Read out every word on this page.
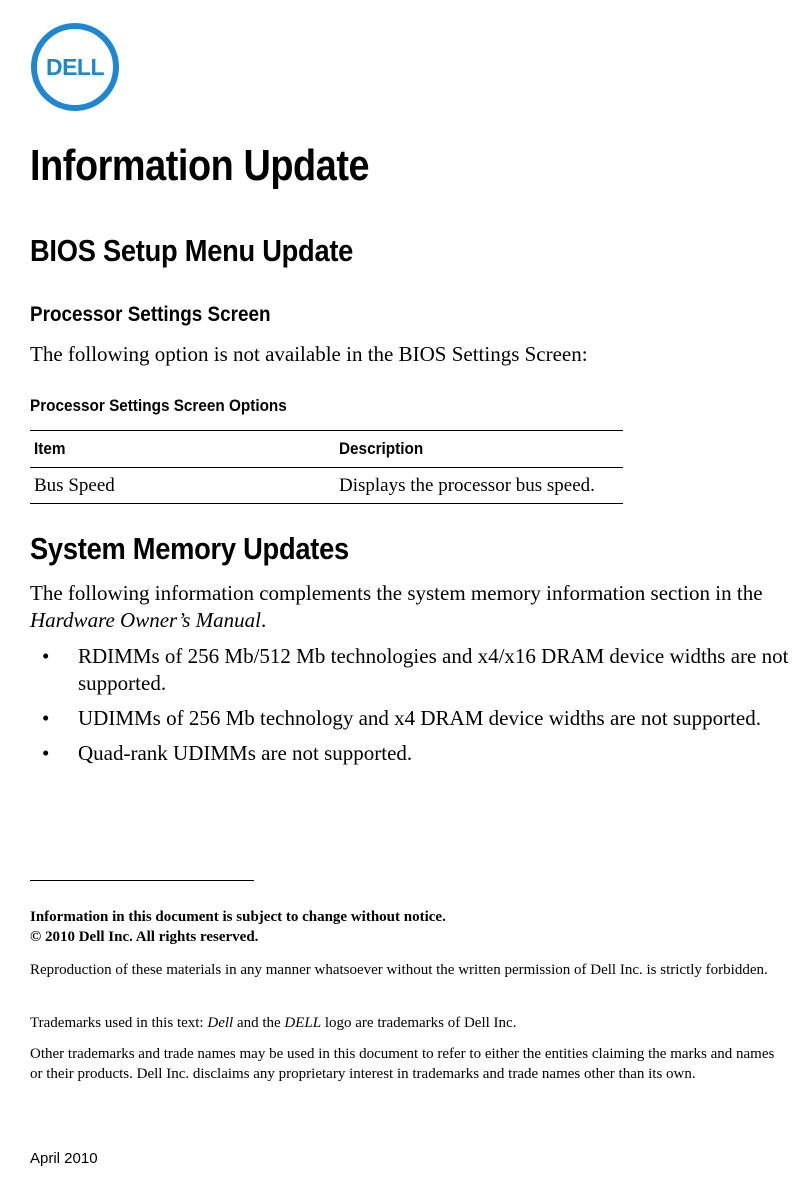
DELL
Information Update
BIOS Setup Menu Update
Processor Settings Screen

The following option is not available in the BIOS Settings Screen:

Processor Settings Screen Options

Item	Description
Bus Speed	Displays the processor bus speed.
System Memory Updates

The following information complements the system memory information section in the Hardware Owner’s Manual.

• RDIMMs of 256 Mb/512 Mb technologies and x4/x16 DRAM device widths are not supported.
• UDIMMs of 256 Mb technology and x4 DRAM device widths are not supported.
• Quad-rank UDIMMs are not supported.

Information in this document is subject to change without notice.
© 2010 Dell Inc. All rights reserved.

Reproduction of these materials in any manner whatsoever without the written permission of Dell Inc. is strictly forbidden.

Trademarks used in this text: Dell and the DELL logo are trademarks of Dell Inc.

Other trademarks and trade names may be used in this document to refer to either the entities claiming the marks and names or their products. Dell Inc. disclaims any proprietary interest in trademarks and trade names other than its own.

April 2010
